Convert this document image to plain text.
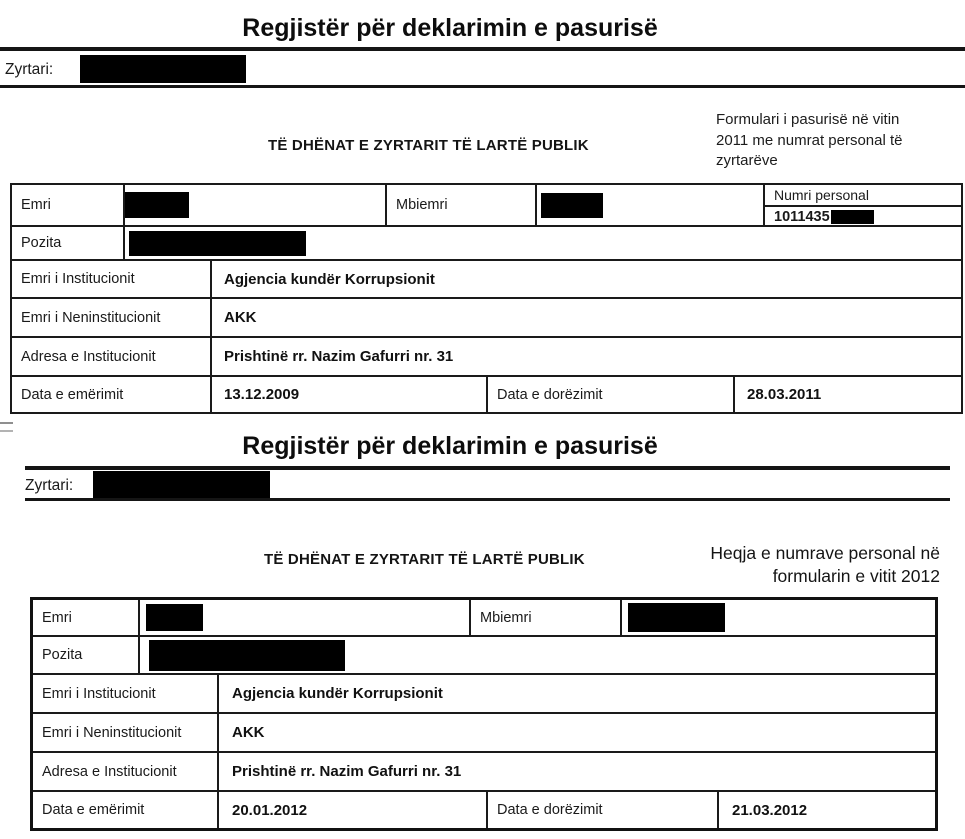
Regjistër për deklarimin e pasurisë
Zyrtari:
Formulari i pasurisë në vitin 2011 me numrat personal të zyrtarëve
TË DHËNAT E ZYRTARIT TË LARTË PUBLIK
Emri	Mbiemri
Numri personal
1011435
Pozita
Emri i Institucionit	Agjencia kundër Korrupsionit
Emri i Neninstitucionit	AKK
Adresa e Institucionit	Prishtinë rr. Nazim Gafurri nr. 31
Data e emërimit	13.12.2009	Data e dorëzimit	28.03.2011
Regjistër për deklarimin e pasurisë
Zyrtari:
TË DHËNAT E ZYRTARIT TË LARTË PUBLIK	Heqja e numrave personal në formularin e vitit 2012
Emri	Mbiemri
Pozita
Emri i Institucionit	Agjencia kundër Korrupsionit
Emri i Neninstitucionit	AKK
Adresa e Institucionit	Prishtinë rr. Nazim Gafurri nr. 31
Data e emërimit	20.01.2012	Data e dorëzimit	21.03.2012
